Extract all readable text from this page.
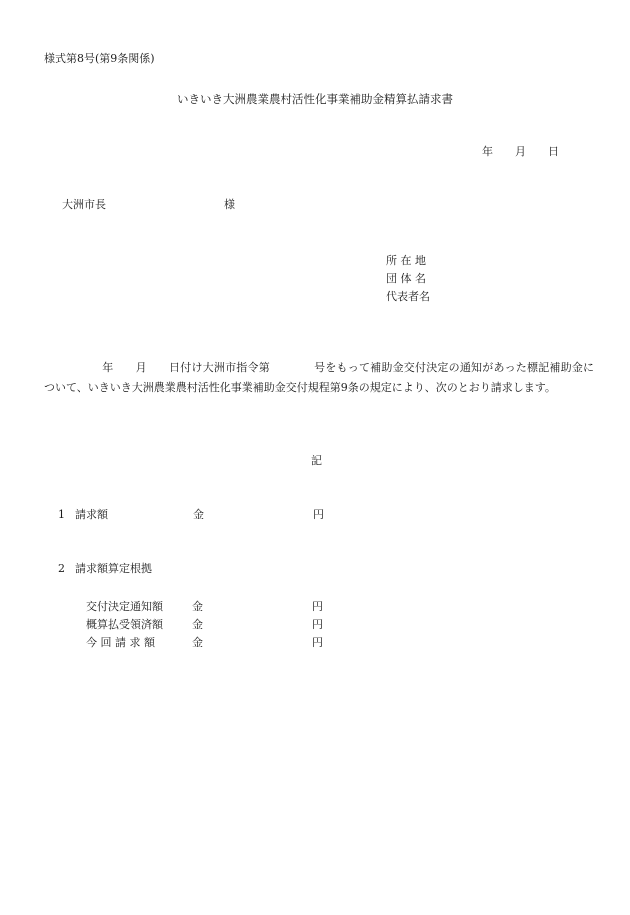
様式第8号(第9条関係)
いきいき大洲農業農村活性化事業補助金精算払請求書
年 月 日
大洲市長	様
所 在 地
団 体 名
代表者名
年 月 日付け大洲市指令第	号をもって補助金交付決定の通知があった標記補助金について、いきいき大洲農業農村活性化事業補助金交付規程第9条の規定により、次のとおり請求します。
記
1 請求額	金	円
2 請求額算定根拠
交付決定通知額	金	円
概算払受領済額	金	円
今 回 請 求 額	金	円
